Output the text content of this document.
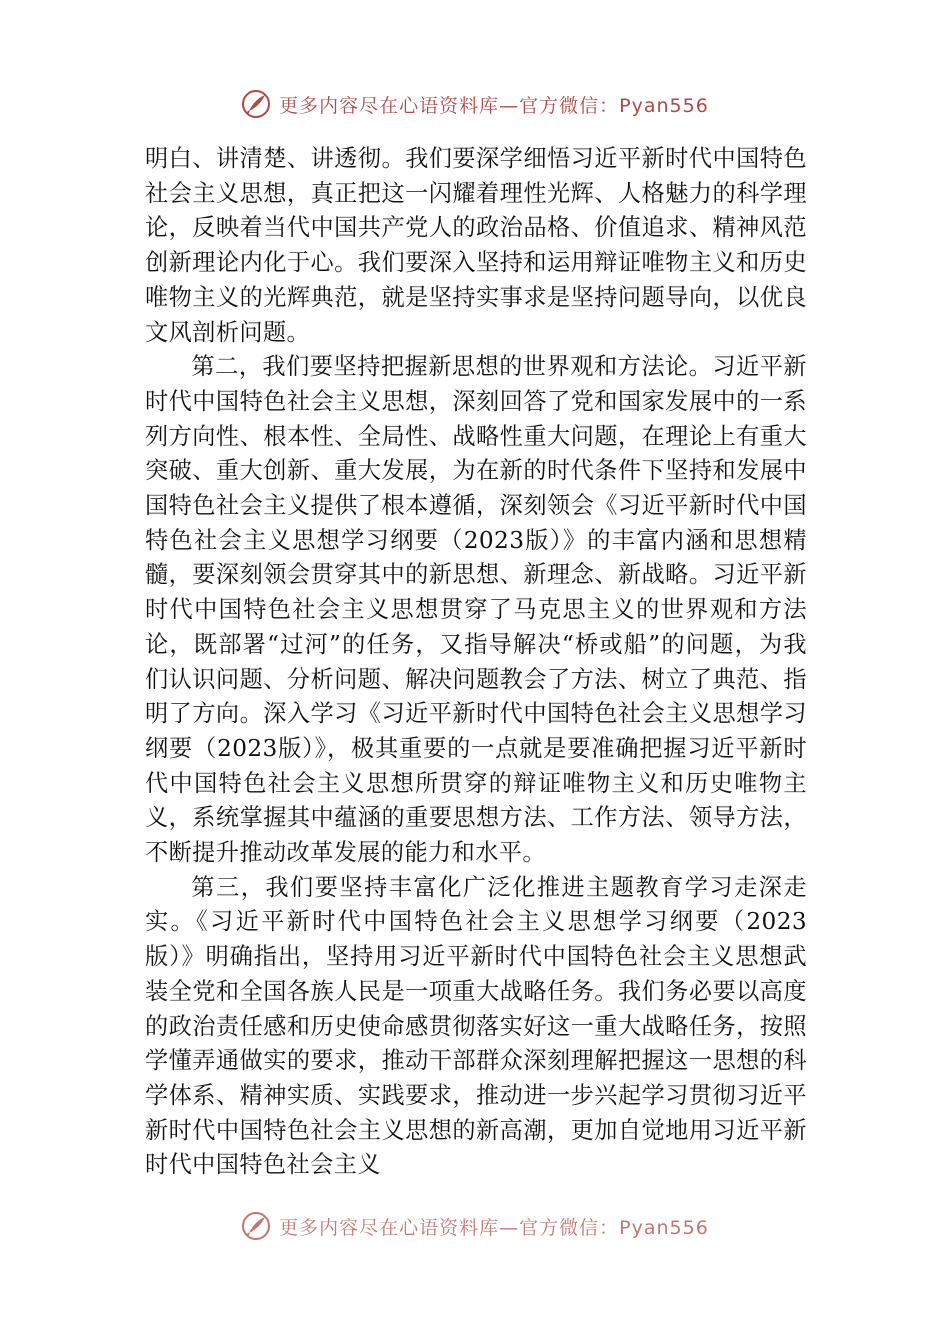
更多内容尽在心语资料库—官方微信：Pyan556

明白、讲清楚、讲透彻。我们要深学细悟习近平新时代中国特色社会主义思想，真正把这一闪耀着理性光辉、人格魅力的科学理论，反映着当代中国共产党人的政治品格、价值追求、精神风范创新理论内化于心。我们要深入坚持和运用辩证唯物主义和历史唯物主义的光辉典范，就是坚持实事求是坚持问题导向，以优良文风剖析问题。

第二，我们要坚持把握新思想的世界观和方法论。习近平新时代中国特色社会主义思想，深刻回答了党和国家发展中的一系列方向性、根本性、全局性、战略性重大问题，在理论上有重大突破、重大创新、重大发展，为在新的时代条件下坚持和发展中国特色社会主义提供了根本遵循，深刻领会《习近平新时代中国特色社会主义思想学习纲要（2023版）》的丰富内涵和思想精髓，要深刻领会贯穿其中的新思想、新理念、新战略。习近平新时代中国特色社会主义思想贯穿了马克思主义的世界观和方法论，既部署“过河”的任务，又指导解决“桥或船”的问题，为我们认识问题、分析问题、解决问题教会了方法、树立了典范、指明了方向。深入学习《习近平新时代中国特色社会主义思想学习纲要（2023版）》，极其重要的一点就是要准确把握习近平新时代中国特色社会主义思想所贯穿的辩证唯物主义和历史唯物主义，系统掌握其中蕴涵的重要思想方法、工作方法、领导方法，不断提升推动改革发展的能力和水平。

第三，我们要坚持丰富化广泛化推进主题教育学习走深走实。《习近平新时代中国特色社会主义思想学习纲要（2023版）》明确指出，坚持用习近平新时代中国特色社会主义思想武装全党和全国各族人民是一项重大战略任务。我们务必要以高度的政治责任感和历史使命感贯彻落实好这一重大战略任务，按照学懂弄通做实的要求，推动干部群众深刻理解把握这一思想的科学体系、精神实质、实践要求，推动进一步兴起学习贯彻习近平新时代中国特色社会主义思想的新高潮，更加自觉地用习近平新时代中国特色社会主义

更多内容尽在心语资料库—官方微信：Pyan556
